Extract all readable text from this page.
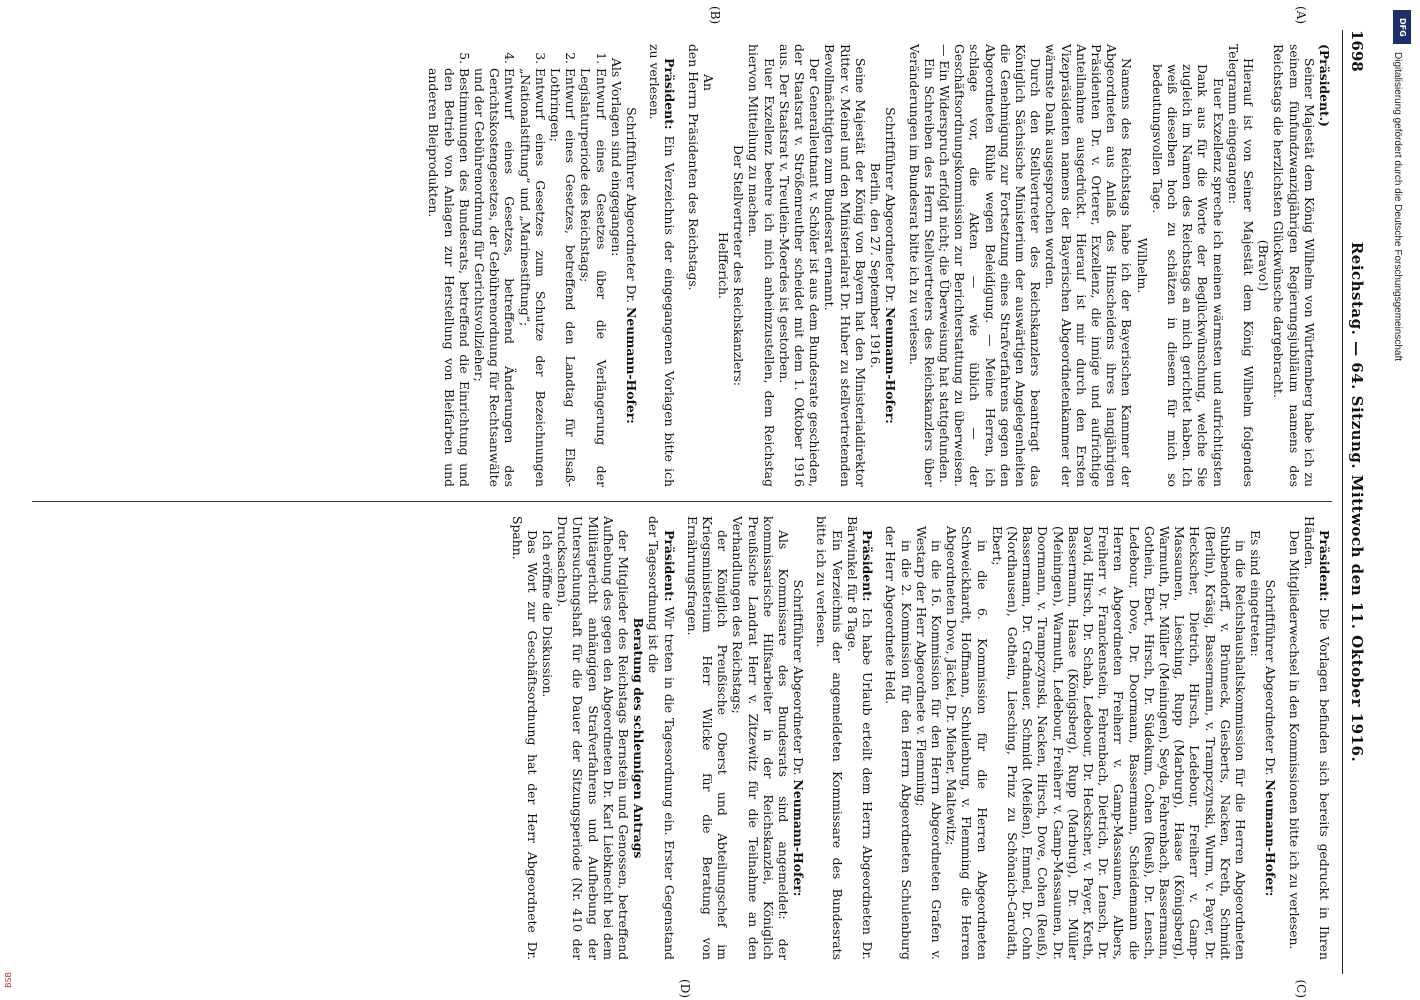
1698
Reichstag. — 64. Sitzung. Mittwoch den 11. Oktober 1916.
(A)
(B)

(Präsident.)

Seiner Majestät dem König Wilhelm von Württemberg habe ich zu seinem fünfundzwanzigjährigen Regierungsjubiläum namens des Reichstags die herzlichsten Glückwünsche dargebracht.

(Bravo!)

Hierauf ist von Seiner Majestät dem König Wilhelm folgendes Telegramm eingegangen:

Euer Exzellenz spreche ich meinen wärmsten und aufrichtigsten Dank aus für die Worte der Beglückwünschung, welche Sie zugleich im Namen des Reichstags an mich gerichtet haben. Ich weiß dieselben hoch zu schätzen in diesem für mich so bedeutungsvollen Tage.

Wilhelm.

Namens des Reichstags habe ich der Bayerischen Kammer der Abgeordneten aus Anlaß des Hinscheidens ihres langjährigen Präsidenten Dr. v. Orterer, Exzellenz, die innige und aufrichtige Anteilnahme ausgedrückt. Hierauf ist mir durch den Ersten Vizepräsidenten namens der Bayerischen Abgeordnetenkammer der wärmste Dank ausgesprochen worden.

Durch den Stellvertreter des Reichskanzlers beantragt das Königlich Sächsische Ministerium der auswärtigen Angelegenheiten die Genehmigung zur Fortsetzung eines Strafverfahrens gegen den Abgeordneten Rühle wegen Beleidigung. — Meine Herren, ich schlage vor, die Akten — wie üblich — der Geschäftsordnungskommission zur Berichterstattung zu überweisen. — Ein Widerspruch erfolgt nicht; die Überweisung hat stattgefunden.

Ein Schreiben des Herrn Stellvertreters des Reichskanzlers über Veränderungen im Bundesrat bitte ich zu verlesen.

Schriftführer Abgeordneter Dr. Neumann-Hofer:

Berlin, den 27. September 1916.

Seine Majestät der König von Bayern hat den Ministerialdirektor Ritter v. Meinel und den Ministerialrat Dr. Huber zu stellvertretenden Bevollmächtigten zum Bundesrat ernannt.

Der Generalleutnant v. Schöler ist aus dem Bundesrate geschieden, der Staatsrat v. Strößenreuther scheidet mit dem 1. Oktober 1916 aus. Der Staatsrat v. Treutlein-Moerdes ist gestorben.

Euer Exzellenz beehre ich mich anheimzustellen, dem Reichstag hiervon Mitteilung zu machen.

Der Stellvertreter des Reichskanzlers:

Helfferich.

An

den Herrn Präsidenten des Reichstags.

Präsident: Ein Verzeichnis der eingegangenen Vorlagen bitte ich zu verlesen.

Schriftführer Abgeordneter Dr. Neumann-Hofer:

Als Vorlagen sind eingegangen:

1. Entwurf eines Gesetzes über die Verlängerung der Legislaturperiode des Reichstags;
2. Entwurf eines Gesetzes, betreffend den Landtag für Elsaß-Lothringen;
3. Entwurf eines Gesetzes zum Schutze der Bezeichnungen „Nationalstiftung“ und „Marinestiftung“;
4. Entwurf eines Gesetzes, betreffend Änderungen des Gerichtskostengesetzes, der Gebührenordnung für Rechtsanwälte und der Gebührenordnung für Gerichtsvollzieher;
5. Bestimmungen des Bundesrats, betreffend die Einrichtung und den Betrieb von Anlagen zur Herstellung von Bleifarben und anderen Bleiprodukten.
(C)
(D)

Präsident: Die Vorlagen befinden sich bereits gedruckt in Ihren Händen.

Den Mitgliederwechsel in den Kommissionen bitte ich zu verlesen.

Schriftführer Abgeordneter Dr. Neumann-Hofer:

Es sind eingetreten:

in die Reichshaushaltskommission für die Herren Abgeordneten Stubbendorff, v. Brünneck, Giesberts, Nacken, Kreth, Schmidt (Berlin), Kräsig, Bassermann, v. Trampczynski, Wurm, v. Payer, Dr. Heckscher, Dietrich, Hirsch, Ledebour, Freiherr v. Gamp-Massaunen, Liesching, Rupp (Marburg), Haase (Königsberg), Warmuth, Dr. Müller (Meiningen), Seyda, Fehrenbach, Bassermann, Gothein, Ebert, Hirsch, Dr. Südekum, Cohen (Reuß), Dr. Lensch, Ledebour, Dove, Dr. Doormann, Bassermann, Scheidemann die Herren Abgeordneten Freiherr v. Gamp-Massaunen, Albers, Freiherr v. Franckenstein, Fehrenbach, Dietrich, Dr. Lensch, Dr. David, Hirsch, Dr. Schab, Ledebour, Dr. Heckscher, v. Payer, Kreth, Bassermann, Haase (Königsberg), Rupp (Marburg), Dr. Müller (Meiningen), Warmuth, Ledebour, Freiherr v. Gamp-Massaunen, Dr. Doormann, v. Trampczynski, Nacken, Hirsch, Dove, Cohen (Reuß), Bassermann, Dr. Gradnauer, Schmidt (Meißen), Emmel, Dr. Cohn (Nordhausen), Gothein, Liesching, Prinz zu Schönaich-Carolath, Ebert;

in die 6. Kommission für die Herren Abgeordneten Schweickhardt, Hoffmann, Schulenburg, v. Flemming die Herren Abgeordneten Dove, Jäckel, Dr. Mieher, Maltewitz;

in die 16. Kommission für den Herrn Abgeordneten Grafen v. Westarp der Herr Abgeordnete v. Flemming;

in die 2. Kommission für den Herrn Abgeordneten Schulenburg der Herr Abgeordnete Held.

Präsident: Ich habe Urlaub erteilt dem Herrn Abgeordneten Dr. Bärwinkel für 8 Tage.

Ein Verzeichnis der angemeldeten Kommissare des Bundesrats bitte ich zu verlesen.

Schriftführer Abgeordneter Dr. Neumann-Hofer:

Als Kommissare des Bundesrats sind angemeldet: der kommissarische Hilfsarbeiter in der Reichskanzlei, Königlich Preußische Landrat Herr v. Zitzewitz für die Teilnahme an den Verhandlungen des Reichstags;

der Königlich Preußische Oberst und Abteilungschef im Kriegsministerium Herr Wilcke für die Beratung von Ernährungsfragen.

Präsident: Wir treten in die Tagesordnung ein. Erster Gegenstand der Tagesordnung ist die

Beratung des schleunigen Antrags

der Mitglieder des Reichstags Bernstein und Genossen, betreffend Aufhebung des gegen den Abgeordneten Dr. Karl Liebknecht bei dem Militärgericht anhängigen Strafverfahrens und Aufhebung der Untersuchungshaft für die Dauer der Sitzungsperiode (Nr. 410 der Drucksachen).

Ich eröffne die Diskussion.

Das Wort zur Geschäftsordnung hat der Herr Abgeordnete Dr. Spahn.

DFG
Digitalisierung gefördert durch die Deutsche Forschungsgemeinschaft
BSB
